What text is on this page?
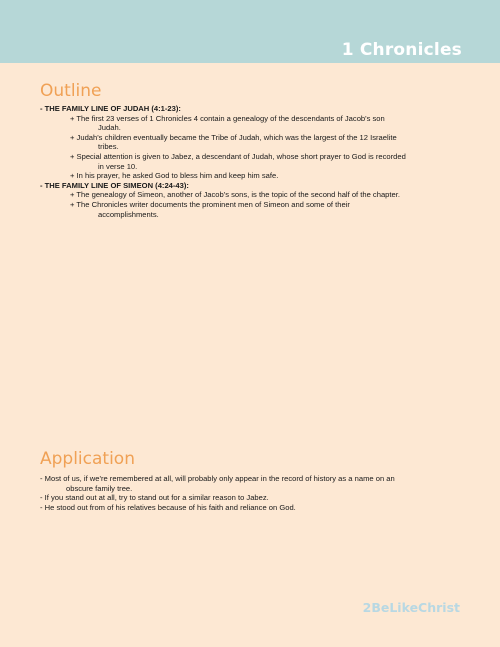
1 Chronicles
Outline
- THE FAMILY LINE OF JUDAH (4:1-23):
+ The first 23 verses of 1 Chronicles 4 contain a genealogy of the descendants of Jacob's son
Judah.
+ Judah's children eventually became the Tribe of Judah, which was the largest of the 12 Israelite
tribes.
+ Special attention is given to Jabez, a descendant of Judah, whose short prayer to God is recorded
in verse 10.
+ In his prayer, he asked God to bless him and keep him safe.
- THE FAMILY LINE OF SIMEON (4:24-43):
+ The genealogy of Simeon, another of Jacob's sons, is the topic of the second half of the chapter.
+ The Chronicles writer documents the prominent men of Simeon and some of their
accomplishments.
Application
- Most of us, if we're remembered at all, will probably only appear in the record of history as a name on an
obscure family tree.
- If you stand out at all, try to stand out for a similar reason to Jabez.
- He stood out from of his relatives because of his faith and reliance on God.
2BeLikeChrist
